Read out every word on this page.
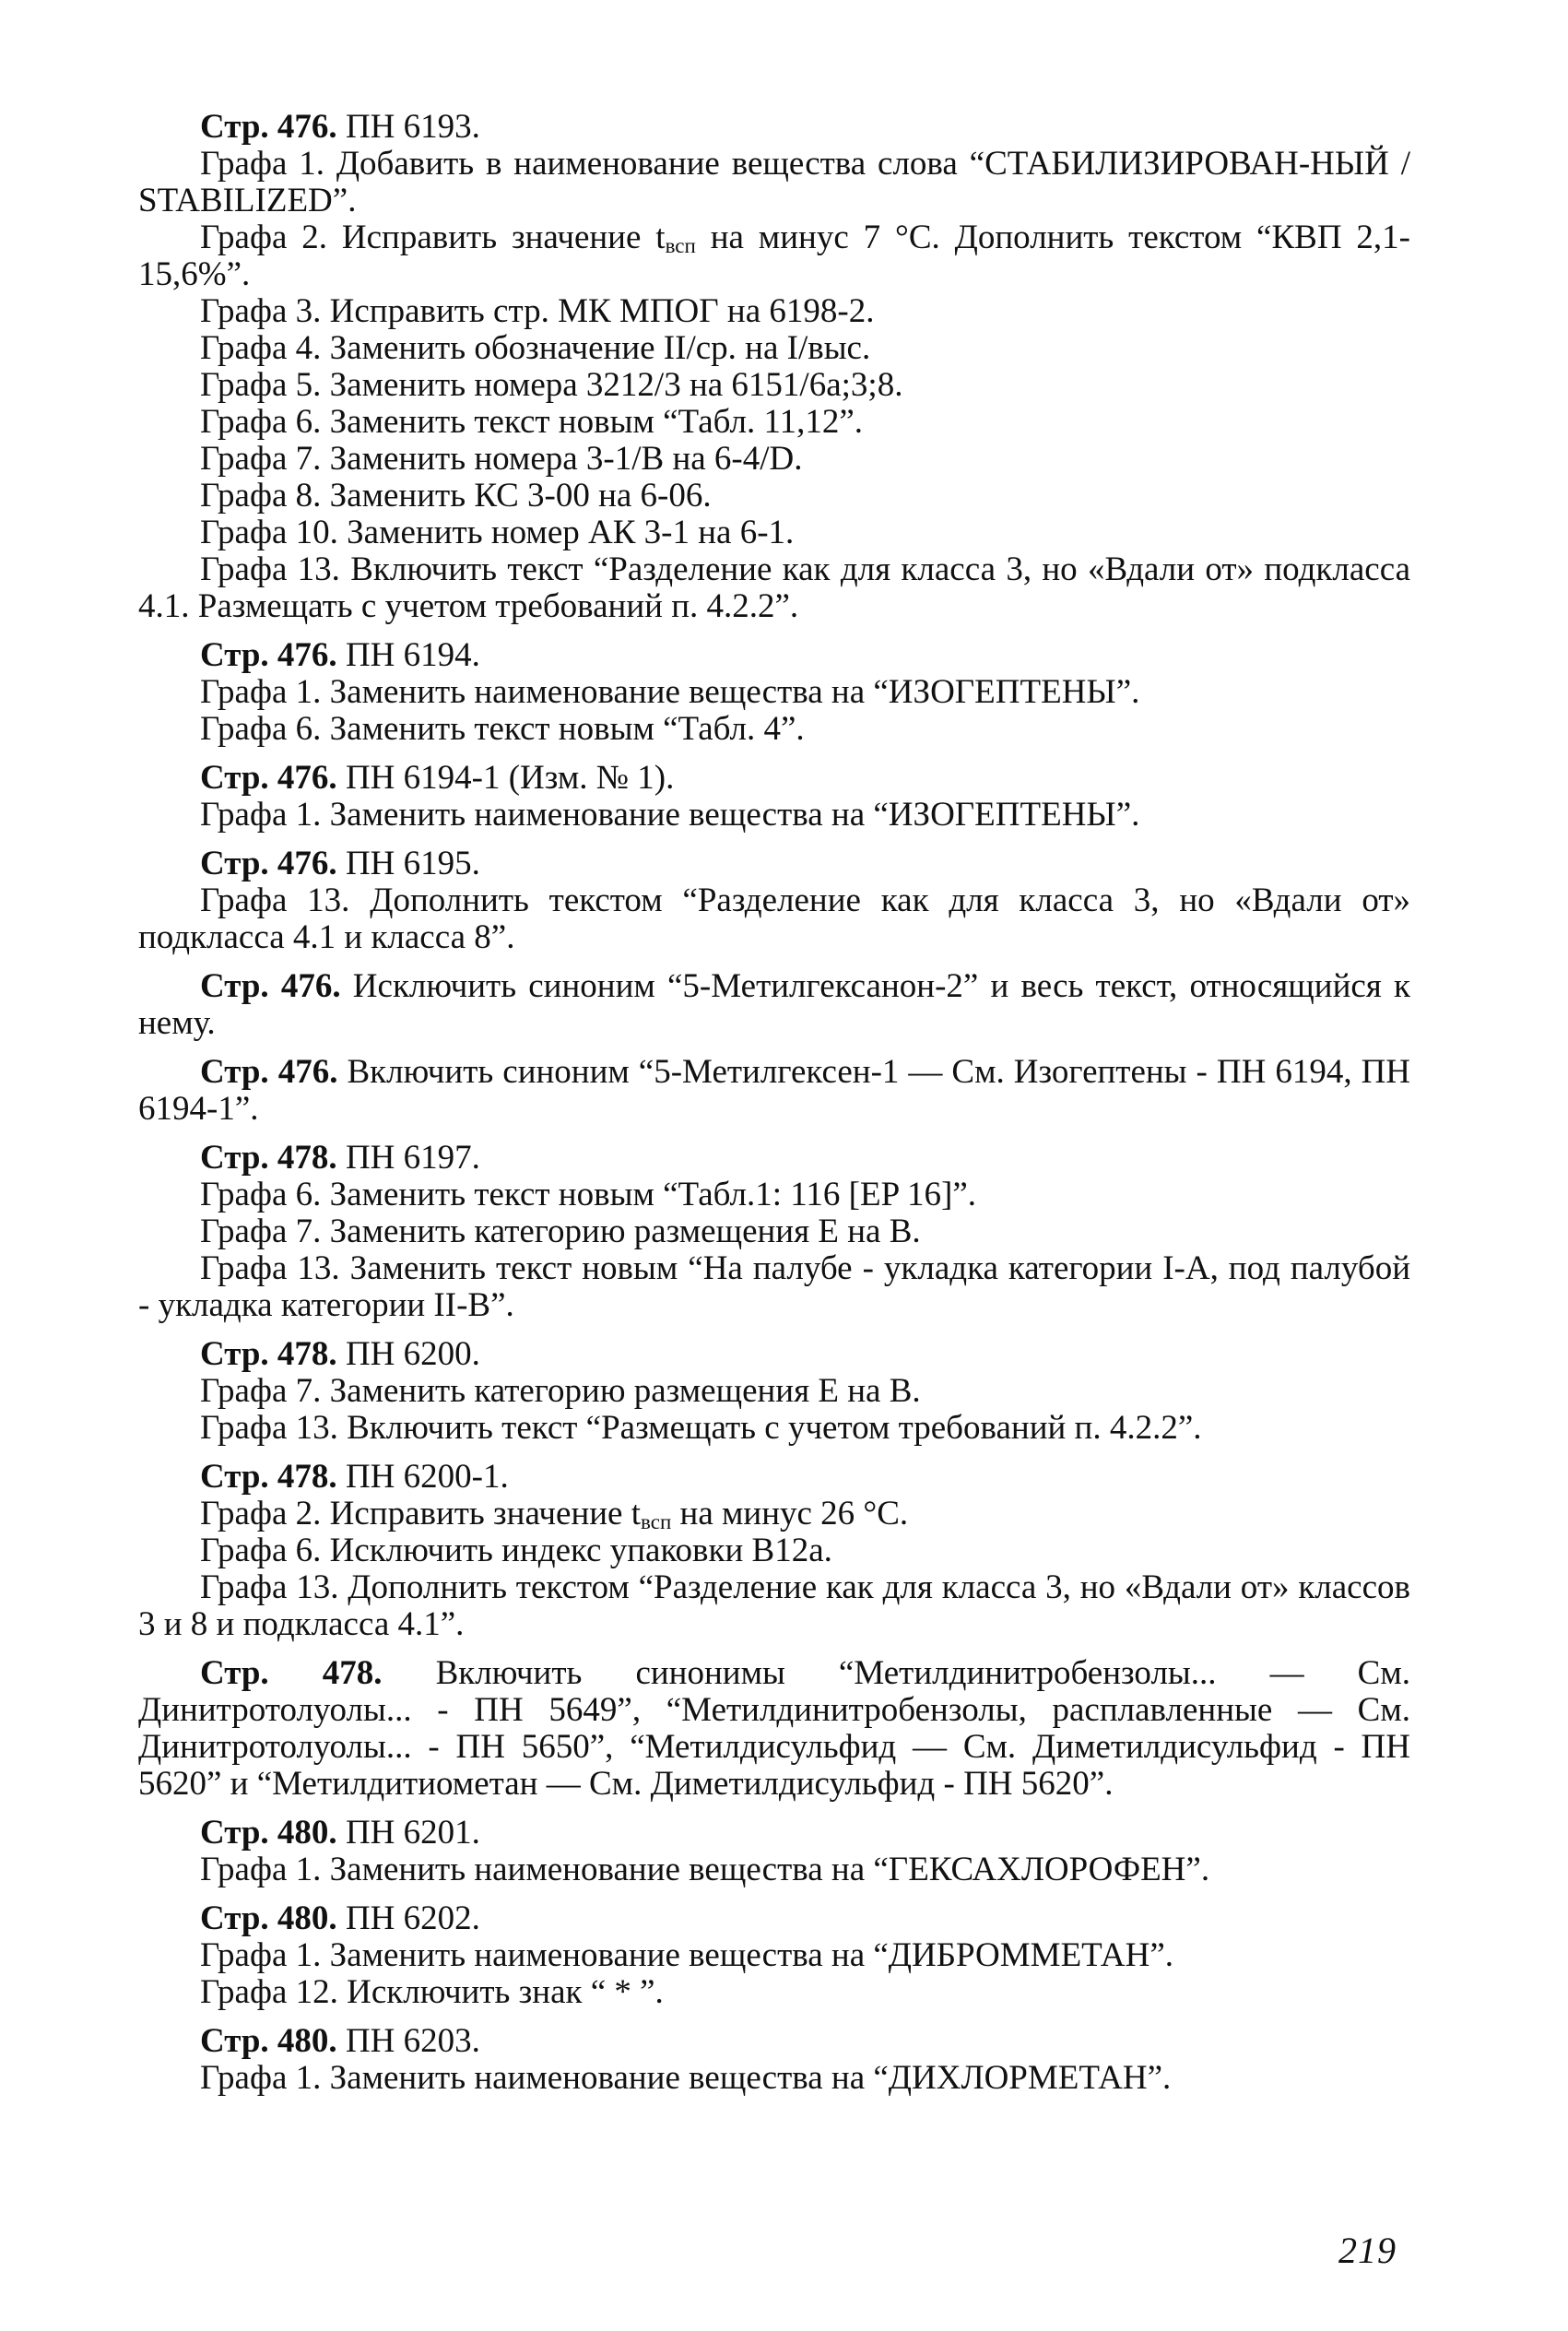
Стр. 476. ПН 6193.
Графа 1. Добавить в наименование вещества слова “СТАБИЛИЗИРОВАН-НЫЙ / STABILIZED”.
Графа 2. Исправить значение $t_{всп}$ на минус 7 °С. Дополнить текстом “КВП 2,1-15,6%”.
Графа 3. Исправить стр. МК МПОГ на 6198-2.
Графа 4. Заменить обозначение II/ср. на I/выс.
Графа 5. Заменить номера 3212/3 на 6151/6а;3;8.
Графа 6. Заменить текст новым “Табл. 11,12”.
Графа 7. Заменить номера 3-1/В на 6-4/D.
Графа 8. Заменить КС 3-00 на 6-06.
Графа 10. Заменить номер АК 3-1 на 6-1.
Графа 13. Включить текст “Разделение как для класса 3, но «Вдали от» подкласса 4.1. Размещать с учетом требований п. 4.2.2”.
Стр. 476. ПН 6194.
Графа 1. Заменить наименование вещества на “ИЗОГЕПТЕНЫ”.
Графа 6. Заменить текст новым “Табл. 4”.
Стр. 476. ПН 6194-1 (Изм. № 1).
Графа 1. Заменить наименование вещества на “ИЗОГЕПТЕНЫ”.
Стр. 476. ПН 6195.
Графа 13. Дополнить текстом “Разделение как для класса 3, но «Вдали от» подкласса 4.1 и класса 8”.
Стр. 476. Исключить синоним “5-Метилгексанон-2” и весь текст, относящийся к нему.
Стр. 476. Включить синоним “5-Метилгексен-1 — См. Изогептены - ПН 6194, ПН 6194-1”.
Стр. 478. ПН 6197.
Графа 6. Заменить текст новым “Табл.1: 116 [EP 16]”.
Графа 7. Заменить категорию размещения Е на В.
Графа 13. Заменить текст новым “На палубе - укладка категории I-А, под палубой - укладка категории II-В”.
Стр. 478. ПН 6200.
Графа 7. Заменить категорию размещения Е на В.
Графа 13. Включить текст “Размещать с учетом требований п. 4.2.2”.
Стр. 478. ПН 6200-1.
Графа 2. Исправить значение $t_{всп}$ на минус 26 °С.
Графа 6. Исключить индекс упаковки В12а.
Графа 13. Дополнить текстом “Разделение как для класса 3, но «Вдали от» классов 3 и 8 и подкласса 4.1”.
Стр. 478. Включить синонимы “Метилдинитробензолы... — См. Динитротолуолы... - ПН 5649”, “Метилдинитробензолы, расплавленные — См. Динитротолуолы... - ПН 5650”, “Метилдисульфид — См. Диметилдисульфид - ПН 5620” и “Метилдитиометан — См. Диметилдисульфид - ПН 5620”.
Стр. 480. ПН 6201.
Графа 1. Заменить наименование вещества на “ГЕКСАХЛОРОФЕН”.
Стр. 480. ПН 6202.
Графа 1. Заменить наименование вещества на “ДИБРОММЕТАН”.
Графа 12. Исключить знак “ * ”.
Стр. 480. ПН 6203.
Графа 1. Заменить наименование вещества на “ДИХЛОРМЕТАН”.
219
